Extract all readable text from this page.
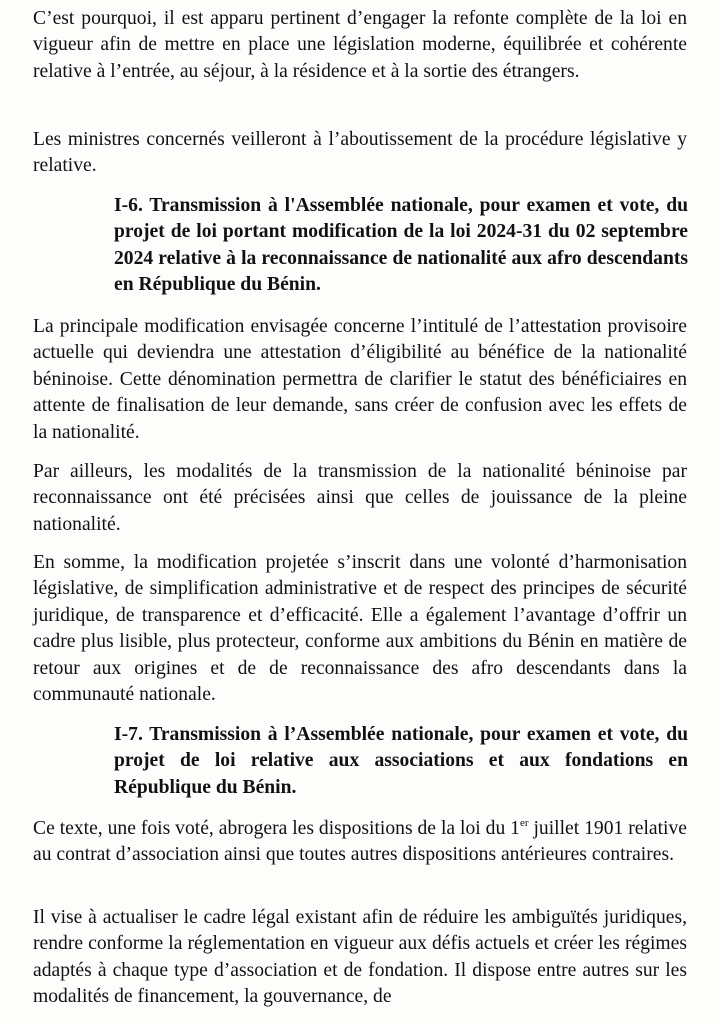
C’est pourquoi, il est apparu pertinent d’engager la refonte complète de la loi en vigueur afin de mettre en place une législation moderne, équilibrée et cohérente relative à l’entrée, au séjour, à la résidence et à la sortie des étrangers.

Les ministres concernés veilleront à l’aboutissement de la procédure législative y relative.

I-6. Transmission à l'Assemblée nationale, pour examen et vote, du projet de loi portant modification de la loi 2024-31 du 02 septembre 2024 relative à la reconnaissance de nationalité aux afro descendants en République du Bénin.

La principale modification envisagée concerne l’intitulé de l’attestation provisoire actuelle qui deviendra une attestation d’éligibilité au bénéfice de la nationalité béninoise. Cette dénomination permettra de clarifier le statut des bénéficiaires en attente de finalisation de leur demande, sans créer de confusion avec les effets de la nationalité.

Par ailleurs, les modalités de la transmission de la nationalité béninoise par reconnaissance ont été précisées ainsi que celles de jouissance de la pleine nationalité.

En somme, la modification projetée s’inscrit dans une volonté d’harmonisation législative, de simplification administrative et de respect des principes de sécurité juridique, de transparence et d’efficacité. Elle a également l’avantage d’offrir un cadre plus lisible, plus protecteur, conforme aux ambitions du Bénin en matière de retour aux origines et de de reconnaissance des afro descendants dans la communauté nationale.

I-7. Transmission à l’Assemblée nationale, pour examen et vote, du projet de loi relative aux associations et aux fondations en République du Bénin.

Ce texte, une fois voté, abrogera les dispositions de la loi du 1er juillet 1901 relative au contrat d’association ainsi que toutes autres dispositions antérieures contraires.

Il vise à actualiser le cadre légal existant afin de réduire les ambiguïtés juridiques, rendre conforme la réglementation en vigueur aux défis actuels et créer les régimes adaptés à chaque type d’association et de fondation. Il dispose entre autres sur les modalités de financement, la gouvernance, de
